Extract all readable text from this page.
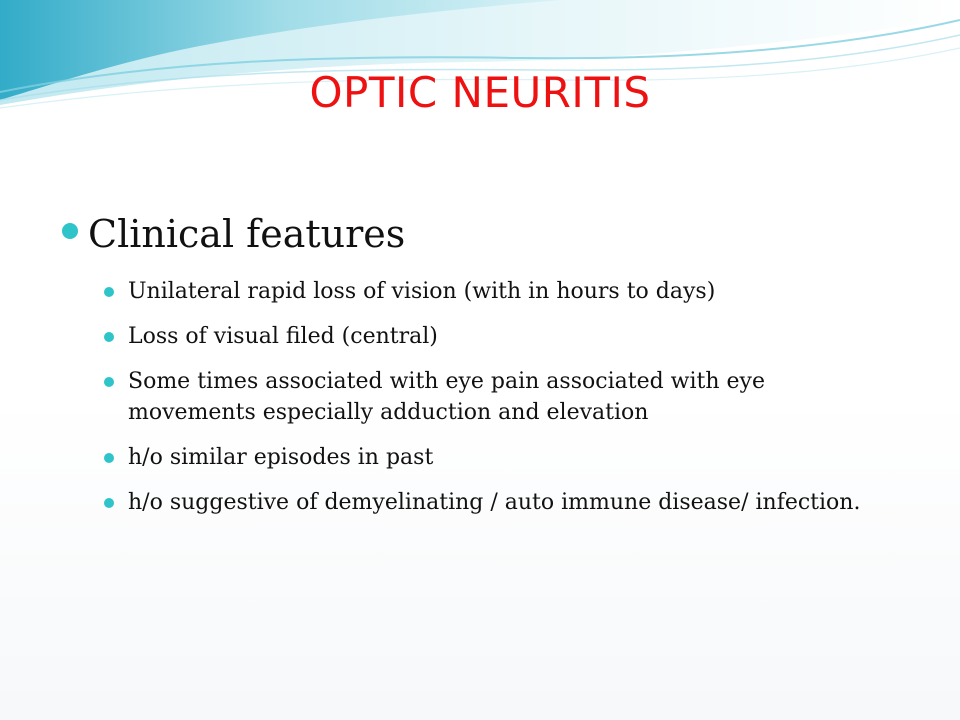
OPTIC NEURITIS
Clinical features
Unilateral rapid loss of vision (with in hours to days)
Loss of visual filed (central)
Some times associated with eye pain associated with eye movements especially adduction and elevation
h/o similar episodes in past
h/o suggestive of demyelinating / auto immune disease/ infection.
